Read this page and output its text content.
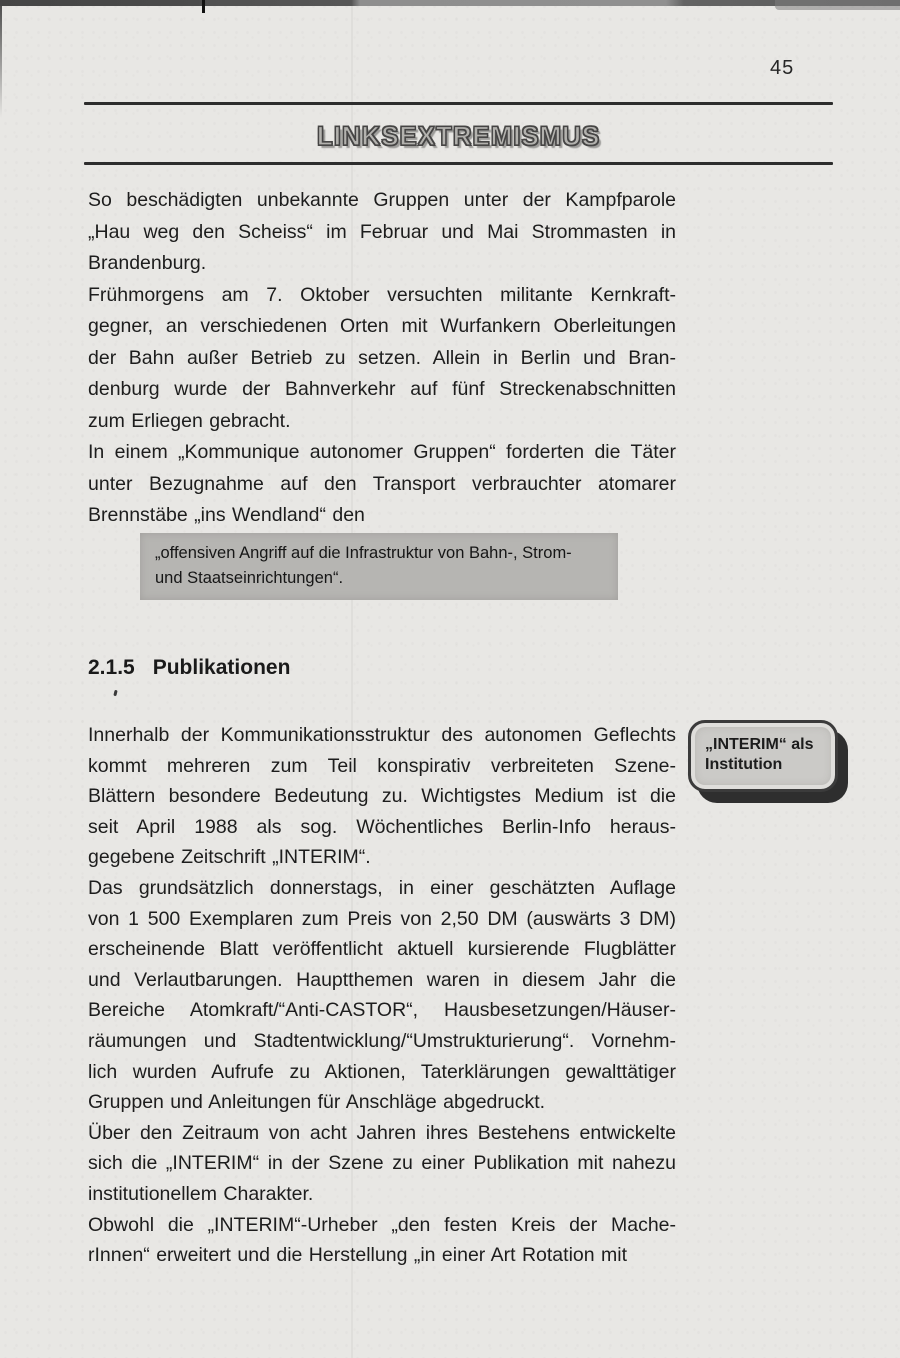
45
LINKSEXTREMISMUS
So beschädigten unbekannte Gruppen unter der Kampfparole
„Hau weg den Scheiss“ im Februar und Mai Strommasten in
Brandenburg.
Frühmorgens am 7. Oktober versuchten militante Kernkraft-
gegner, an verschiedenen Orten mit Wurfankern Oberleitungen
der Bahn außer Betrieb zu setzen. Allein in Berlin und Bran-
denburg wurde der Bahnverkehr auf fünf Streckenabschnitten
zum Erliegen gebracht.
In einem „Kommunique autonomer Gruppen“ forderten die Täter
unter Bezugnahme auf den Transport verbrauchter atomarer
Brennstäbe „ins Wendland“ den
„offensiven Angriff auf die Infrastruktur von Bahn-, Strom-
und Staatseinrichtungen“.
2.1.5 Publikationen
Innerhalb der Kommunikationsstruktur des autonomen Geflechts
kommt mehreren zum Teil konspirativ verbreiteten Szene-
Blättern besondere Bedeutung zu. Wichtigstes Medium ist die
seit April 1988 als sog. Wöchentliches Berlin-Info heraus-
gegebene Zeitschrift „INTERIM“.
Das grundsätzlich donnerstags, in einer geschätzten Auflage
von 1 500 Exemplaren zum Preis von 2,50 DM (auswärts 3 DM)
erscheinende Blatt veröffentlicht aktuell kursierende Flugblätter
und Verlautbarungen. Hauptthemen waren in diesem Jahr die
Bereiche Atomkraft/“Anti-CASTOR“, Hausbesetzungen/Häuser-
räumungen und Stadtentwicklung/“Umstrukturierung“. Vornehm-
lich wurden Aufrufe zu Aktionen, Taterklärungen gewalttätiger
Gruppen und Anleitungen für Anschläge abgedruckt.
Über den Zeitraum von acht Jahren ihres Bestehens entwickelte
sich die „INTERIM“ in der Szene zu einer Publikation mit nahezu
institutionellem Charakter.
Obwohl die „INTERIM“-Urheber „den festen Kreis der Mache-
rInnen“ erweitert und die Herstellung „in einer Art Rotation mit
„INTERIM“ als
Institution
